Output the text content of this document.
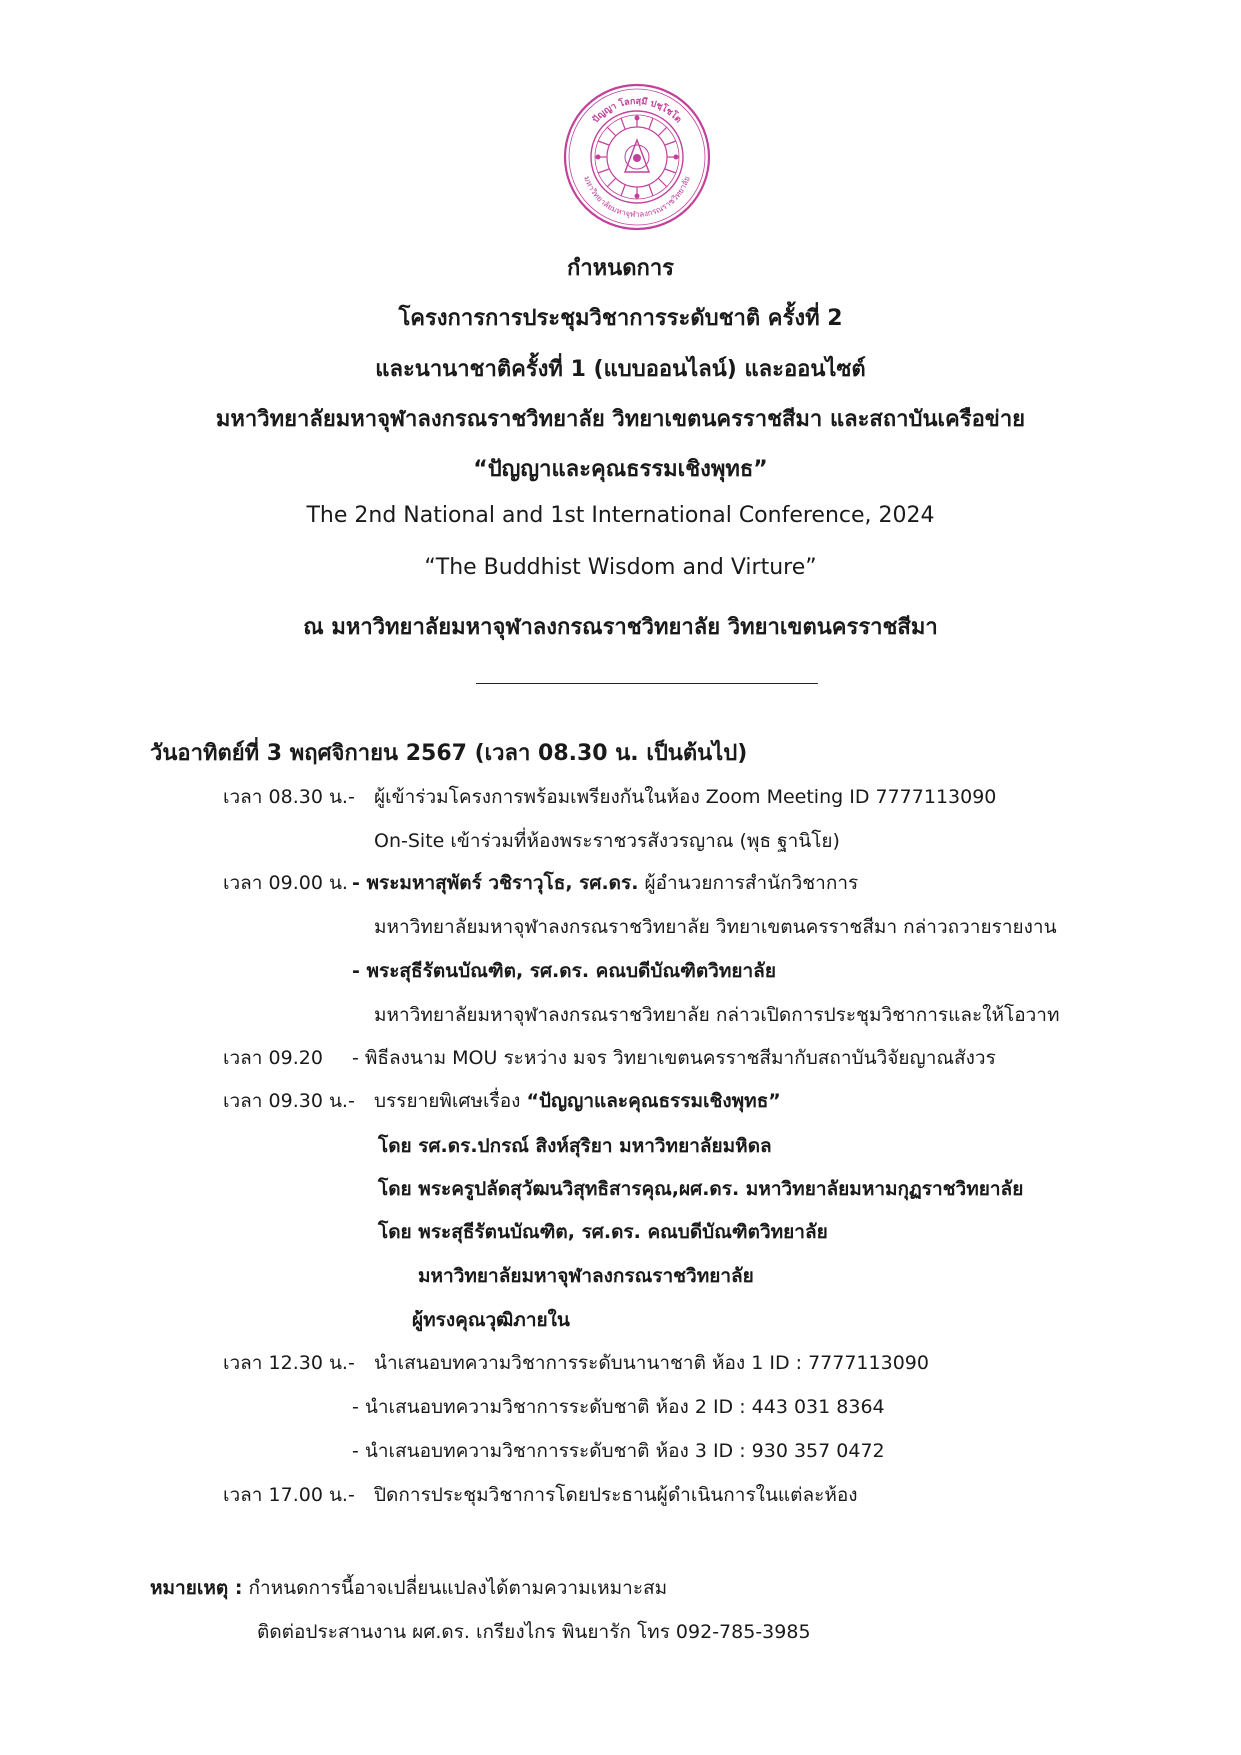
ปัญญา โลกสฺมึ ปชฺโชโต
มหาวิทยาลัยมหาจุฬาลงกรณราชวิทยาลัย
กำหนดการ
โครงการการประชุมวิชาการระดับชาติ ครั้งที่ 2
และนานาชาติครั้งที่ 1 (แบบออนไลน์) และออนไซต์
มหาวิทยาลัยมหาจุฬาลงกรณราชวิทยาลัย วิทยาเขตนครราชสีมา และสถาบันเครือข่าย
“ปัญญาและคุณธรรมเชิงพุทธ”
The 2nd National and 1st International Conference, 2024
“The Buddhist Wisdom and Virture”
ณ มหาวิทยาลัยมหาจุฬาลงกรณราชวิทยาลัย วิทยาเขตนครราชสีมา
วันอาทิตย์ที่ 3 พฤศจิกายน 2567 (เวลา 08.30 น. เป็นต้นไป)
เวลา 08.30 น.- ผู้เข้าร่วมโครงการพร้อมเพรียงกันในห้อง Zoom Meeting ID 7777113090
On-Site เข้าร่วมที่ห้องพระราชวรสังวรญาณ (พุธ ฐานิโย)
เวลา 09.00 น. - พระมหาสุพัตร์ วชิราวุโธ, รศ.ดร. ผู้อำนวยการสำนักวิชาการ
มหาวิทยาลัยมหาจุฬาลงกรณราชวิทยาลัย วิทยาเขตนครราชสีมา กล่าวถวายรายงาน
- พระสุธีรัตนบัณฑิต, รศ.ดร. คณบดีบัณฑิตวิทยาลัย
มหาวิทยาลัยมหาจุฬาลงกรณราชวิทยาลัย กล่าวเปิดการประชุมวิชาการและให้โอวาท
เวลา 09.20 - พิธีลงนาม MOU ระหว่าง มจร วิทยาเขตนครราชสีมากับสถาบันวิจัยญาณสังวร
เวลา 09.30 น.- บรรยายพิเศษเรื่อง “ปัญญาและคุณธรรมเชิงพุทธ”
โดย รศ.ดร.ปกรณ์ สิงห์สุริยา มหาวิทยาลัยมหิดล
โดย พระครูปลัดสุวัฒนวิสุทธิสารคุณ,ผศ.ดร. มหาวิทยาลัยมหามกุฏราชวิทยาลัย
โดย พระสุธีรัตนบัณฑิต, รศ.ดร. คณบดีบัณฑิตวิทยาลัย
มหาวิทยาลัยมหาจุฬาลงกรณราชวิทยาลัย
ผู้ทรงคุณวุฒิภายใน
เวลา 12.30 น.- นำเสนอบทความวิชาการระดับนานาชาติ ห้อง 1 ID : 7777113090
- นำเสนอบทความวิชาการระดับชาติ ห้อง 2 ID : 443 031 8364
- นำเสนอบทความวิชาการระดับชาติ ห้อง 3 ID : 930 357 0472
เวลา 17.00 น.- ปิดการประชุมวิชาการโดยประธานผู้ดำเนินการในแต่ละห้อง
หมายเหตุ : กำหนดการนี้อาจเปลี่ยนแปลงได้ตามความเหมาะสม
ติดต่อประสานงาน ผศ.ดร. เกรียงไกร พินยารัก โทร 092-785-3985
